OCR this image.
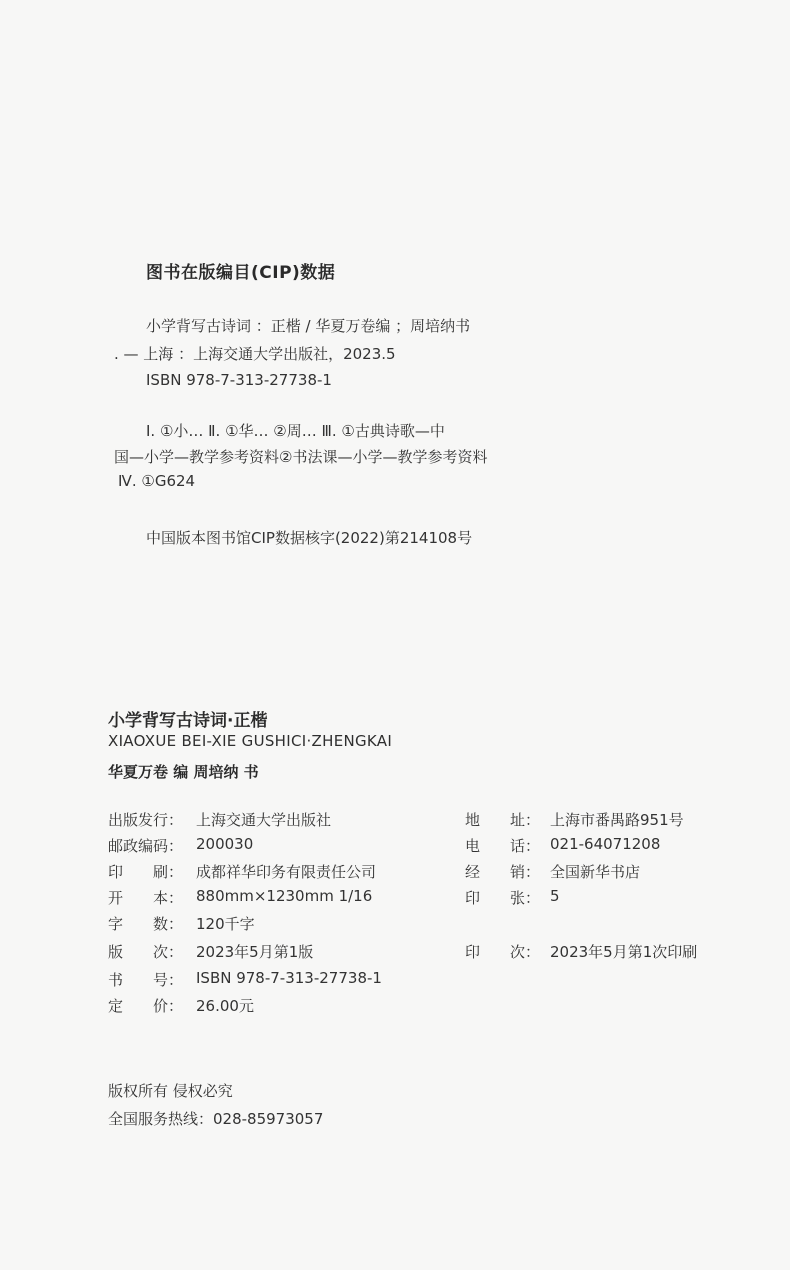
图书在版编目(CIP)数据
小学背写古诗词 ：正楷 / 华夏万卷编 ；周培纳书
. — 上海 ：上海交通大学出版社，2023.5
ISBN 978-7-313-27738-1
Ⅰ. ①小… Ⅱ. ①华… ②周… Ⅲ. ①古典诗歌—中
国—小学—教学参考资料②书法课—小学—教学参考资料
Ⅳ. ①G624
中国版本图书馆CIP数据核字(2022)第214108号
小学背写古诗词·正楷
XIAOXUE BEI-XIE GUSHICI·ZHENGKAI
华夏万卷 编 周培纳 书
出版发行： 上海交通大学出版社
邮政编码： 200030
印　　刷： 成都祥华印务有限责任公司
开　　本： 880mm×1230mm 1/16
字　　数： 120千字
版　　次： 2023年5月第1版
书　　号： ISBN 978-7-313-27738-1
定　　价： 26.00元
地　　址： 上海市番禺路951号
电　　话： 021-64071208
经　　销： 全国新华书店
印　　张： 5
印　　次： 2023年5月第1次印刷
版权所有 侵权必究
全国服务热线：028-85973057
